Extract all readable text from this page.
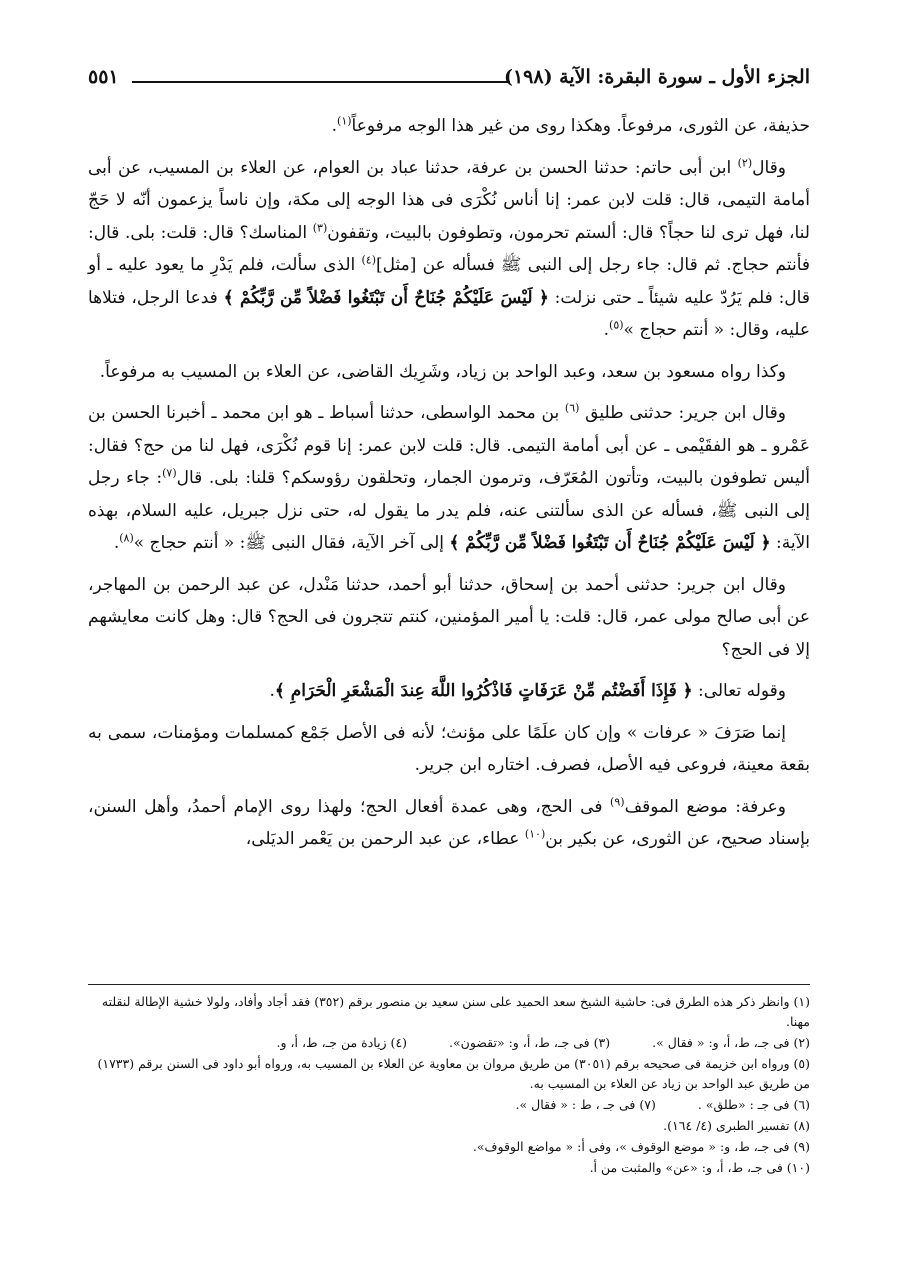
الجزء الأول ـ سورة البقرة: الآية (١٩٨)
٥٥١

حذيفة، عن الثورى، مرفوعاً. وهكذا روى من غير هذا الوجه مرفوعاً$^{(١)}$.

وقال$^{(٢)}$ ابن أبى حاتم: حدثنا الحسن بن عرفة، حدثنا عباد بن العوام، عن العلاء بن المسيب، عن أبى أمامة التيمى، قال: قلت لابن عمر: إنا أناس نُكْرَى فى هذا الوجه إلى مكة، وإن ناساً يزعمون أنّه لا حَجّ لنا، فهل ترى لنا حجاً؟ قال: ألستم تحرمون، وتطوفون بالبيت، وتقفون$^{(٣)}$ المناسك؟ قال: قلت: بلى. قال: فأنتم حجاج. ثم قال: جاء رجل إلى النبى ﷺ فسأله عن [مثل]$^{(٤)}$ الذى سألت، فلم يَدْرِ ما يعود عليه ـ أو قال: فلم يَرُدّ عليه شيئاً ـ حتى نزلت: ﴿ لَيْسَ عَلَيْكُمْ جُنَاحٌ أَن تَبْتَغُوا فَضْلاً مِّن رَّبِّكُمْ ﴾ فدعا الرجل، فتلاها عليه، وقال: « أنتم حجاج »$^{(٥)}$.

وكذا رواه مسعود بن سعد، وعبد الواحد بن زياد، وشَرِيك القاضى، عن العلاء بن المسيب به مرفوعاً.

وقال ابن جرير: حدثنى طليق $^{(٦)}$ بن محمد الواسطى، حدثنا أسباط ـ هو ابن محمد ـ أخبرنا الحسن بن عَمْرو ـ هو الفقَيْمى ـ عن أبى أمامة التيمى. قال: قلت لابن عمر: إنا قوم نُكْرَى، فهل لنا من حج؟ فقال: أليس تطوفون بالبيت، وتأتون المُعَرّف، وترمون الجمار، وتحلقون رؤوسكم؟ قلنا: بلى. قال$^{(٧)}$: جاء رجل إلى النبى ﷺ، فسأله عن الذى سألتنى عنه، فلم يدر ما يقول له، حتى نزل جبريل، عليه السلام، بهذه الآية: ﴿ لَيْسَ عَلَيْكُمْ جُنَاحٌ أَن تَبْتَغُوا فَضْلاً مِّن رَّبِّكُمْ ﴾ إلى آخر الآية، فقال النبى ﷺ: « أنتم حجاج »$^{(٨)}$.

وقال ابن جرير: حدثنى أحمد بن إسحاق، حدثنا أبو أحمد، حدثنا مَنْدل، عن عبد الرحمن بن المهاجر، عن أبى صالح مولى عمر، قال: قلت: يا أمير المؤمنين، كنتم تتجرون فى الحج؟ قال: وهل كانت معايشهم إلا فى الحج؟

وقوله تعالى: ﴿ فَإِذَا أَفَضْتُم مِّنْ عَرَفَاتٍ فَاذْكُرُوا اللَّهَ عِندَ الْمَشْعَرِ الْحَرَامِ ﴾.

إنما صَرَفَ « عرفات » وإن كان علَمًا على مؤنث؛ لأنه فى الأصل جَمْع كمسلمات ومؤمنات، سمى به بقعة معينة، فروعى فيه الأصل، فصرف. اختاره ابن جرير.

وعرفة: موضع الموقف$^{(٩)}$ فى الحج، وهى عمدة أفعال الحج؛ ولهذا روى الإمام أحمدُ، وأهل السنن، بإسناد صحيح، عن الثورى، عن بكير بن$^{(١٠)}$ عطاء، عن عبد الرحمن بن يَعْمر الديَلى،

(١) وانظر ذكر هذه الطرق فى: حاشية الشيخ سعد الحميد على سنن سعيد بن منصور برقم (٣٥٢) فقد أجاد وأفاد، ولولا خشية الإطالة لنقلته مهنا.
(٢) فى جـ، ط، أ، و: « فقال ».
(٣) فى جـ، ط، أ، و: «تقضون».
(٤) زيادة من جـ، ط، أ، و.
(٥) ورواه ابن خزيمة فى صحيحه برقم (٣٠٥١) من طريق مروان بن معاوية عن العلاء بن المسيب به، ورواه أبو داود فى السنن برقم (١٧٣٣) من طريق عبد الواحد بن زياد عن العلاء بن المسيب به.
(٦) فى جـ : «طلق» .
(٧) فى جـ ، ط : « فقال ».
(٨) تفسير الطبرى (٤/ ١٦٤).
(٩) فى جـ، ط، و: « موضع الوقوف »، وفى أ: « مواضع الوقوف».
(١٠) فى جـ، ط، أ، و: «عن» والمثبت من أ.
